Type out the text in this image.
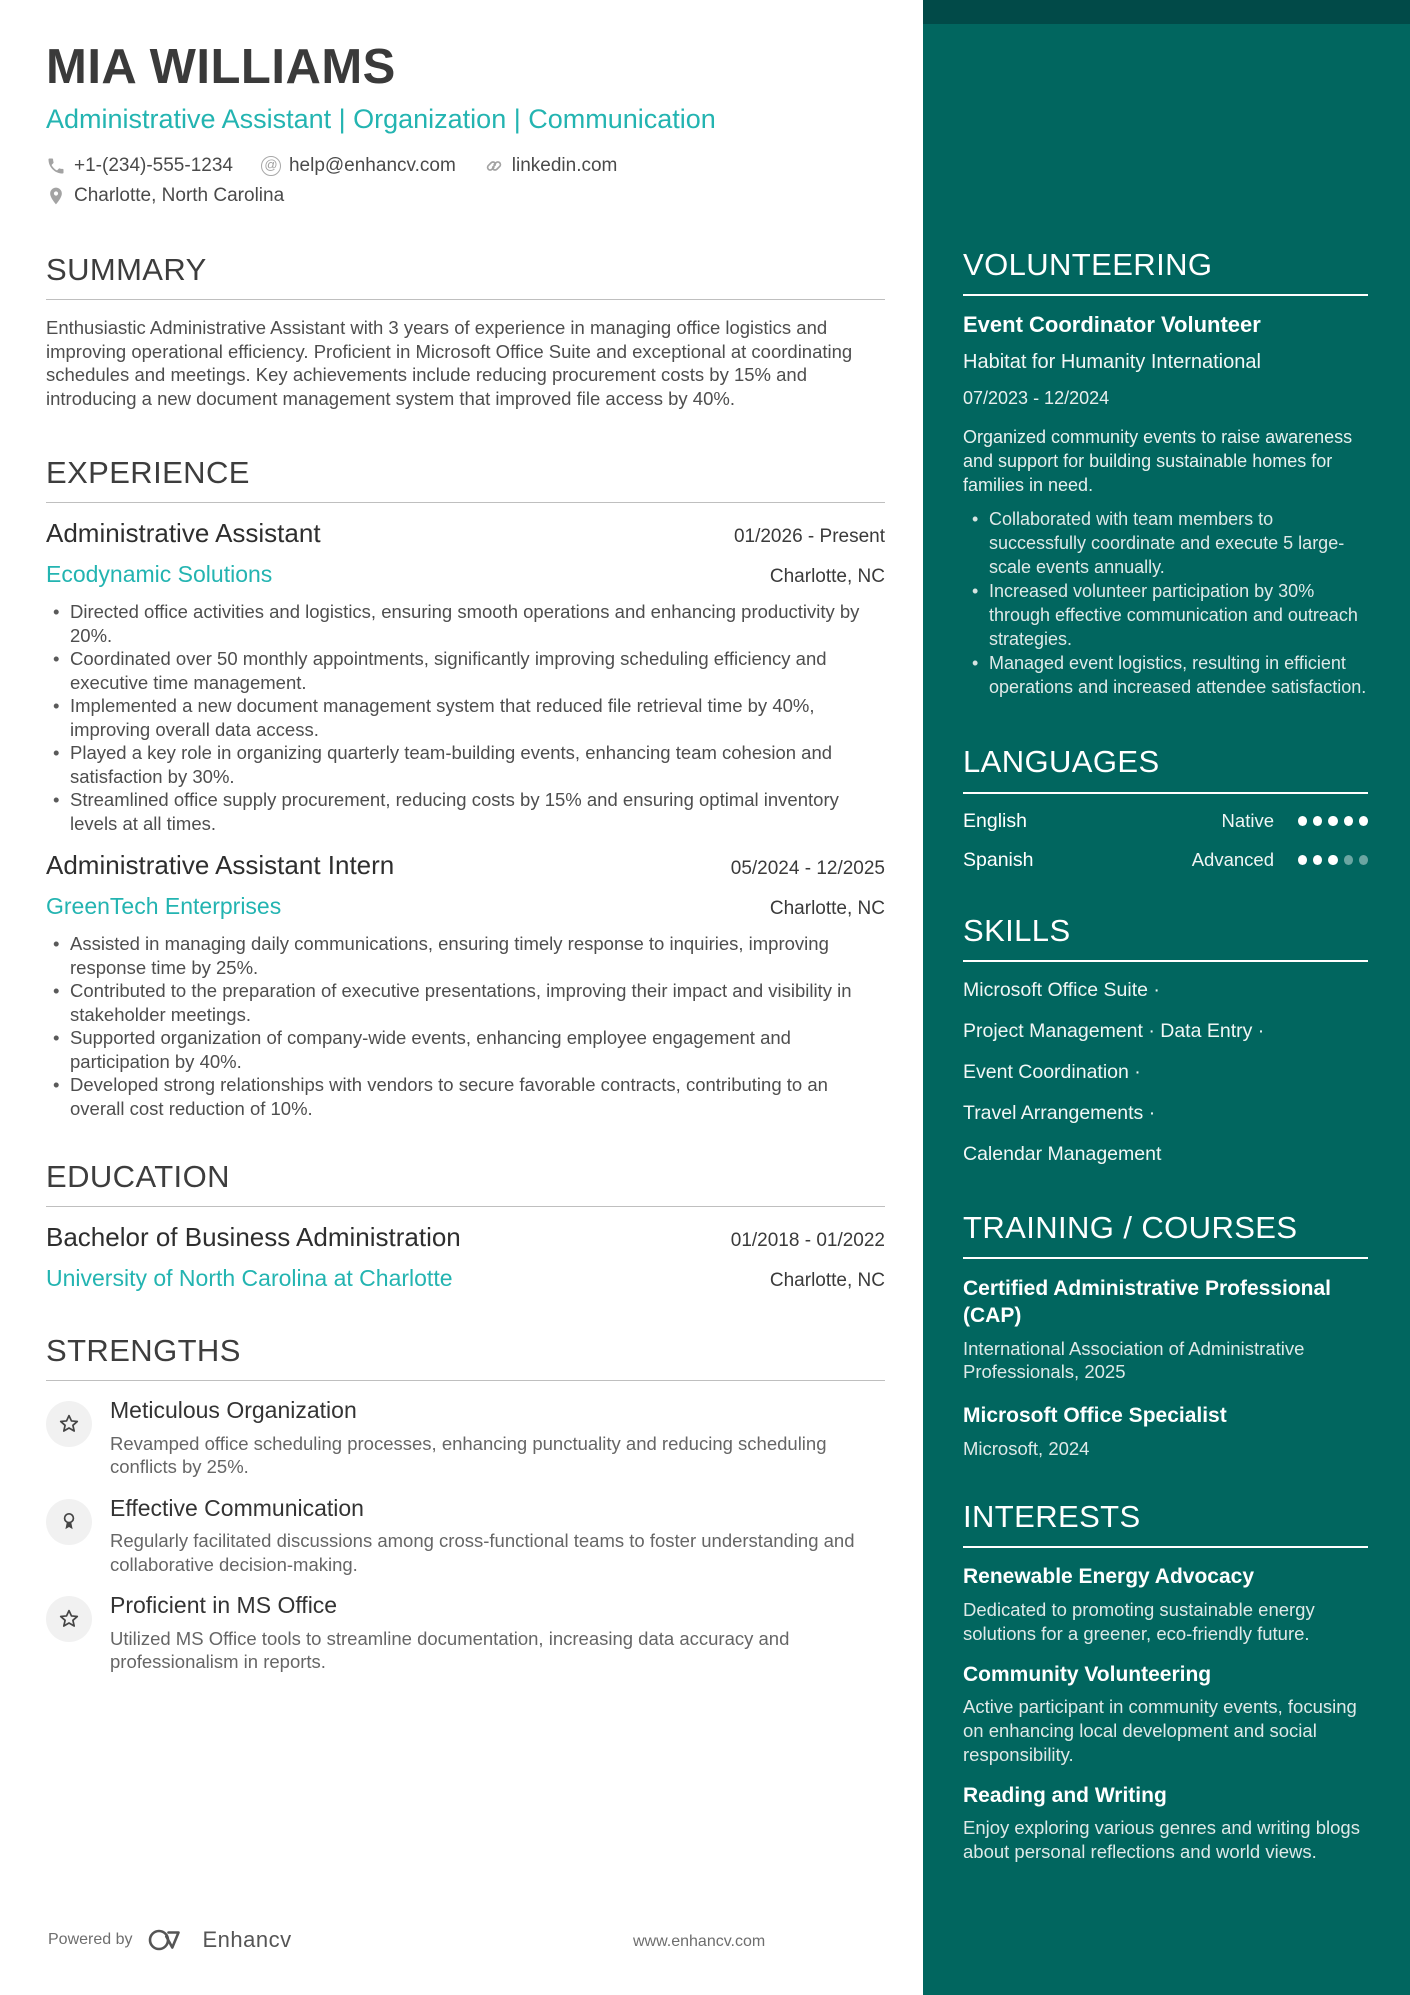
MIA WILLIAMS
Administrative Assistant | Organization | Communication
+1-(234)-555-1234 @ help@enhancv.com	linkedin.com
Charlotte, North Carolina
SUMMARY
Enthusiastic Administrative Assistant with 3 years of experience in managing office logistics and improving operational efficiency. Proficient in Microsoft Office Suite and exceptional at coordinating schedules and meetings. Key achievements include reducing procurement costs by 15% and introducing a new document management system that improved file access by 40%.
EXPERIENCE
Administrative Assistant	01/2026 - Present
Ecodynamic Solutions	Charlotte, NC
• Directed office activities and logistics, ensuring smooth operations and enhancing productivity by 20%.
• Coordinated over 50 monthly appointments, significantly improving scheduling efficiency and executive time management.
• Implemented a new document management system that reduced file retrieval time by 40%, improving overall data access.
• Played a key role in organizing quarterly team-building events, enhancing team cohesion and satisfaction by 30%.
• Streamlined office supply procurement, reducing costs by 15% and ensuring optimal inventory levels at all times.
Administrative Assistant Intern	05/2024 - 12/2025
GreenTech Enterprises	Charlotte, NC
• Assisted in managing daily communications, ensuring timely response to inquiries, improving response time by 25%.
• Contributed to the preparation of executive presentations, improving their impact and visibility in stakeholder meetings.
• Supported organization of company-wide events, enhancing employee engagement and participation by 40%.
• Developed strong relationships with vendors to secure favorable contracts, contributing to an overall cost reduction of 10%.
EDUCATION
Bachelor of Business Administration	01/2018 - 01/2022
University of North Carolina at Charlotte	Charlotte, NC
STRENGTHS
Meticulous Organization
Revamped office scheduling processes, enhancing punctuality and reducing scheduling conflicts by 25%.
Effective Communication
Regularly facilitated discussions among cross-functional teams to foster understanding and collaborative decision-making.
Proficient in MS Office
Utilized MS Office tools to streamline documentation, increasing data accuracy and professionalism in reports.
VOLUNTEERING
Event Coordinator Volunteer
Habitat for Humanity International
07/2023 - 12/2024
Organized community events to raise awareness and support for building sustainable homes for families in need.
• Collaborated with team members to successfully coordinate and execute 5 large-scale events annually.
• Increased volunteer participation by 30% through effective communication and outreach strategies.
• Managed event logistics, resulting in efficient operations and increased attendee satisfaction.
LANGUAGES
English	Native
Spanish	Advanced
SKILLS
Microsoft Office Suite ·
Project Management · Data Entry ·
Event Coordination ·
Travel Arrangements ·
Calendar Management
TRAINING / COURSES
Certified Administrative Professional (CAP)
International Association of Administrative Professionals, 2025
Microsoft Office Specialist
Microsoft, 2024
INTERESTS
Renewable Energy Advocacy
Dedicated to promoting sustainable energy solutions for a greener, eco-friendly future.
Community Volunteering
Active participant in community events, focusing on enhancing local development and social responsibility.
Reading and Writing
Enjoy exploring various genres and writing blogs about personal reflections and world views.
Powered by	Enhancv	www.enhancv.com
